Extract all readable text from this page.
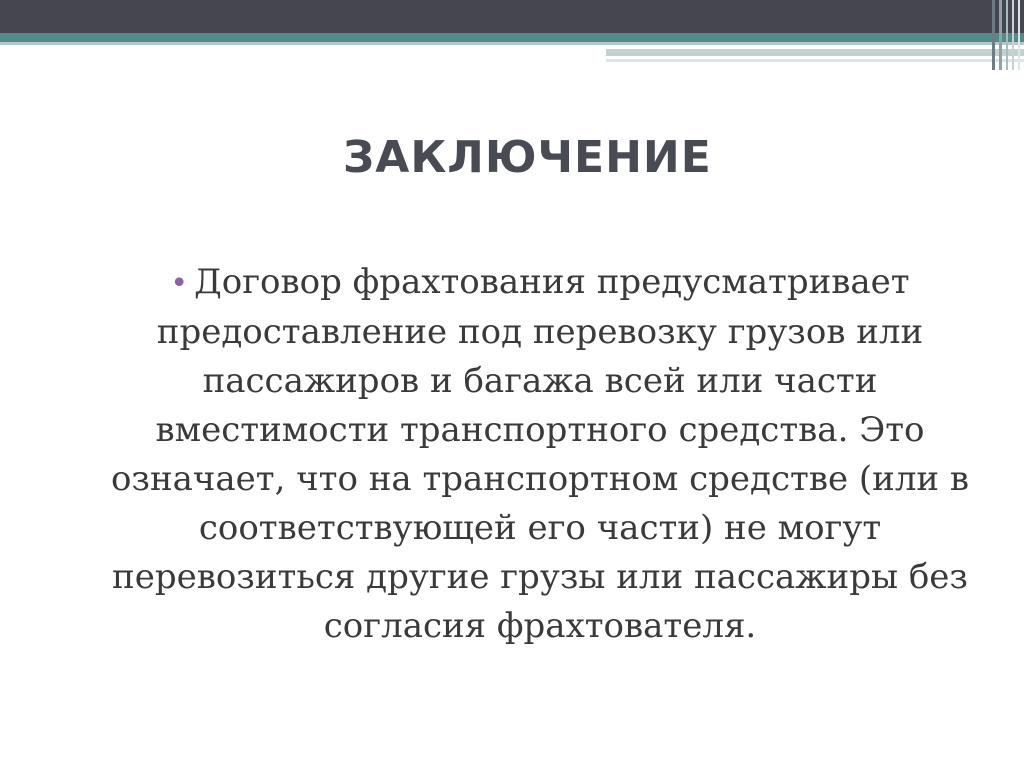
ЗАКЛЮЧЕНИЕ
• Договор фрахтования предусматривает предоставление под перевозку грузов или пассажиров и багажа всей или части вместимости транспортного средства. Это означает, что на транспортном средстве (или в соответствующей его части) не могут перевозиться другие грузы или пассажиры без согласия фрахтователя.
